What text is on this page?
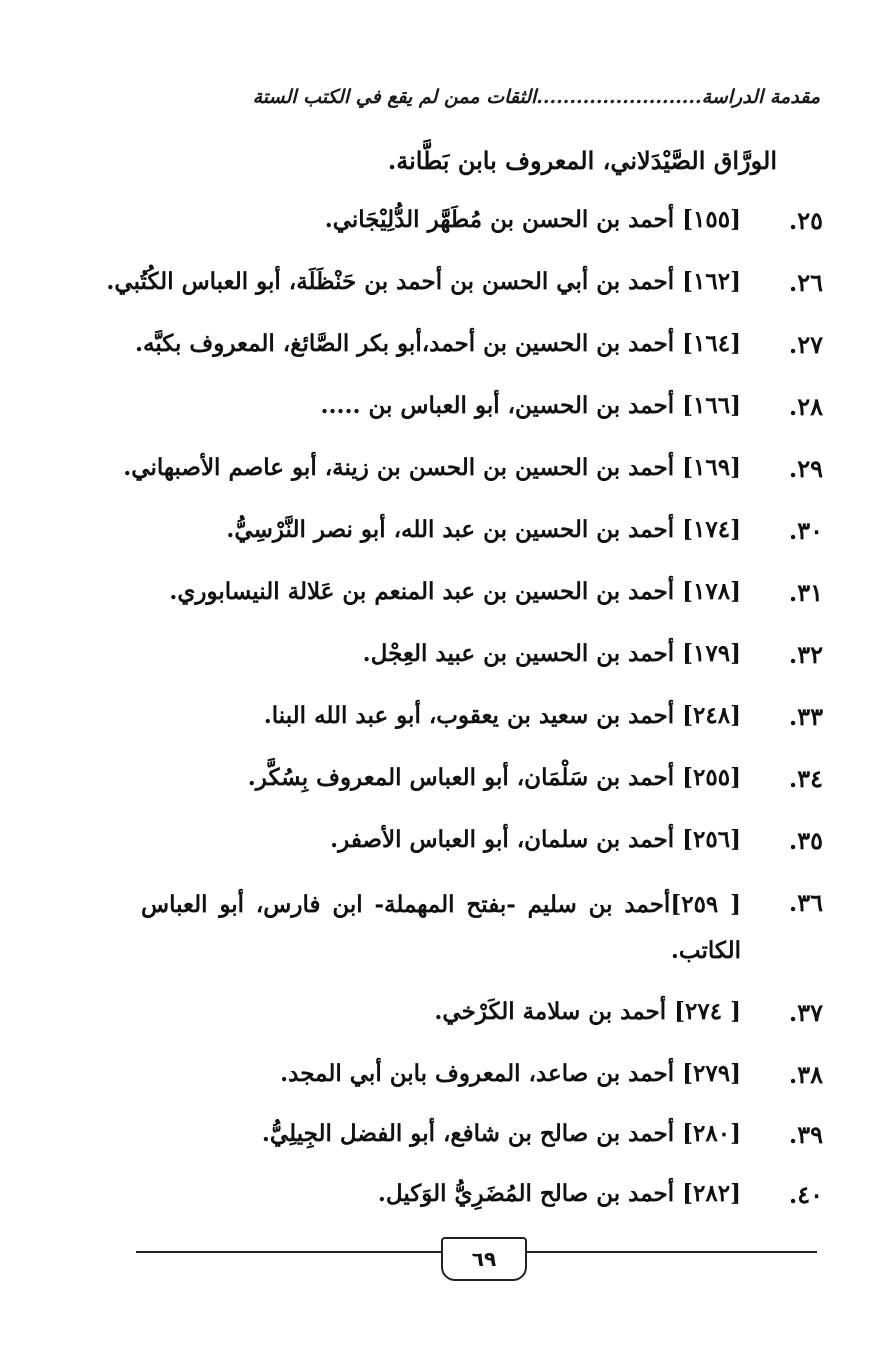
مقدمة الدراسة.........................الثقات ممن لم يقع في الكتب الستة
الورَّاق الصَّيْدَلاني، المعروف بابن بَطَّانة.
٢٥.
[١٥٥] أحمد بن الحسن بن مُطَهَّر الدُّلِيْجَاني.
٢٦.
[١٦٢] أحمد بن أبي الحسن بن أحمد بن حَنْظَلَة، أبو العباس الكُتُبي.
٢٧.
[١٦٤] أحمد بن الحسين بن أحمد،أبو بكر الصَّائغ، المعروف بكبَّه.
٢٨.
[١٦٦] أحمد بن الحسين، أبو العباس بن .....
٢٩.
[١٦٩] أحمد بن الحسين بن الحسن بن زينة، أبو عاصم الأصبهاني.
٣٠.
[١٧٤] أحمد بن الحسين بن عبد الله، أبو نصر النَّرْسِيُّ.
٣١.
[١٧٨] أحمد بن الحسين بن عبد المنعم بن عَلالة النيسابوري.
٣٢.
[١٧٩] أحمد بن الحسين بن عبيد العِجْل.
٣٣.
[٢٤٨] أحمد بن سعيد بن يعقوب، أبو عبد الله البنا.
٣٤.
[٢٥٥] أحمد بن سَلْمَان، أبو العباس المعروف بِسُكَّر.
٣٥.
[٢٥٦] أحمد بن سلمان، أبو العباس الأصفر.
٣٦.
[ ٢٥٩]أحمد بن سليم -بفتح المهملة- ابن فارس، أبو العباس الكاتب.
٣٧.
[ ٢٧٤] أحمد بن سلامة الكَرْخي.
٣٨.
[٢٧٩] أحمد بن صاعد، المعروف بابن أبي المجد.
٣٩.
[٢٨٠] أحمد بن صالح بن شافع، أبو الفضل الجِيلِيُّ.
٤٠.
[٢٨٢] أحمد بن صالح المُضَرِيُّ الوَكيل.
٦٩
